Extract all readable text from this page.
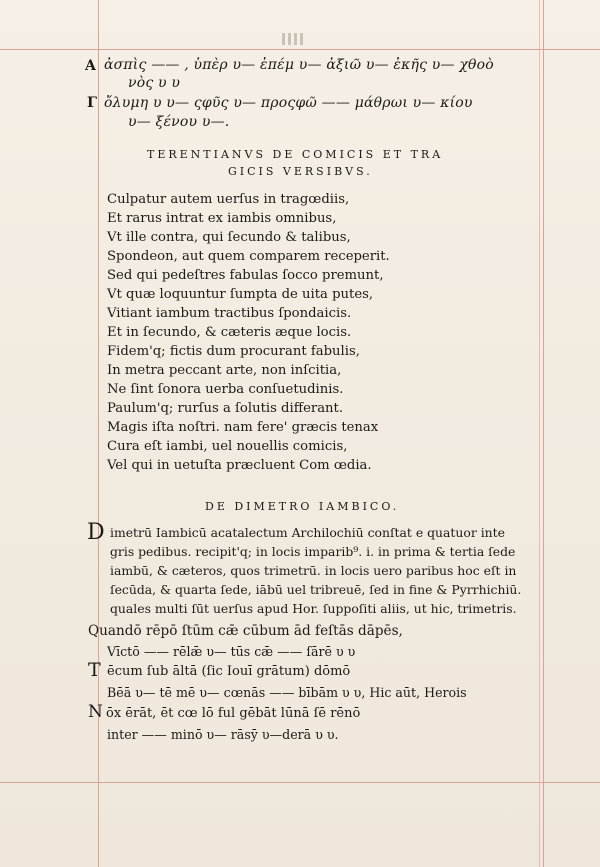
A ἀσπὶς —— , ὑπὲρ υ— ἐπέμ υ— ἀξιῶ υ— ἐκῆς υ— χθοὸ
νὸς υ υ
Γ ὄλυμη υ υ— ςφῦς υ— προςφῶ —— μάθρωι υ— κίου
υ— ξένου υ—.
TERENTIANVS DE COMICIS ET TRA
GICIS VERSIBVS.
Culpatur autem uerſus in tragœdiis,
Et rarus intrat ex iambis omnibus,
Vt ille contra, qui ſecundo & talibus,
Spondeon, aut quem comparem receperit.
Sed qui pedeſtres fabulas ſocco premunt,
Vt quæ loquuntur ſumpta de uita putes,
Vitiant iambum tractibus ſpondaicis.
Et in ſecundo, & cæteris æque locis.
Fidem'q; fictis dum procurant fabulis,
In metra peccant arte, non inſcitia,
Ne ſint ſonora uerba conſuetudinis.
Paulum'q; rurſus a ſolutis differant.
Magis iſta noſtri. nam fere' græcis tenax
Cura eſt iambi, uel nouellis comicis,
Vel qui in uetuſta præcluent Com œdia.
DE DIMETRO IAMBICO.
D imetrū Iambicū acatalectum Archilochiū conſtat e quatuor inte
gris pedibus. recipit'q; in locis imparib⁹. i. in prima & tertia ſede
iambū, & cæteros, quos trimetrū. in locis uero paribus hoc eſt in
ſecūda, & quarta ſede, iābū uel tribreuē, ſed in fine & Pyrrhichiū.
quales multi ſūt uerſus apud Hor. ſuppoſiti aliis, ut hic, trimetris.
Quandō rēpō ſtūm cǣ cūbum ād feſtās dāpēs,
Vīctō —— rēlǣ υ— tūs cǣ —— ſārē υ υ
T ēcum ſub āltā (ſic Iouī grātum) dōmō
Bēā υ— tē mē υ— cœnās —— bībām υ υ, Hic aūt, Herois
N ōx ērāt, ēt cœ lō ful gēbāt lūnā ſē rēnō
inter —— minō υ— rāsȳ υ—derā υ υ.
